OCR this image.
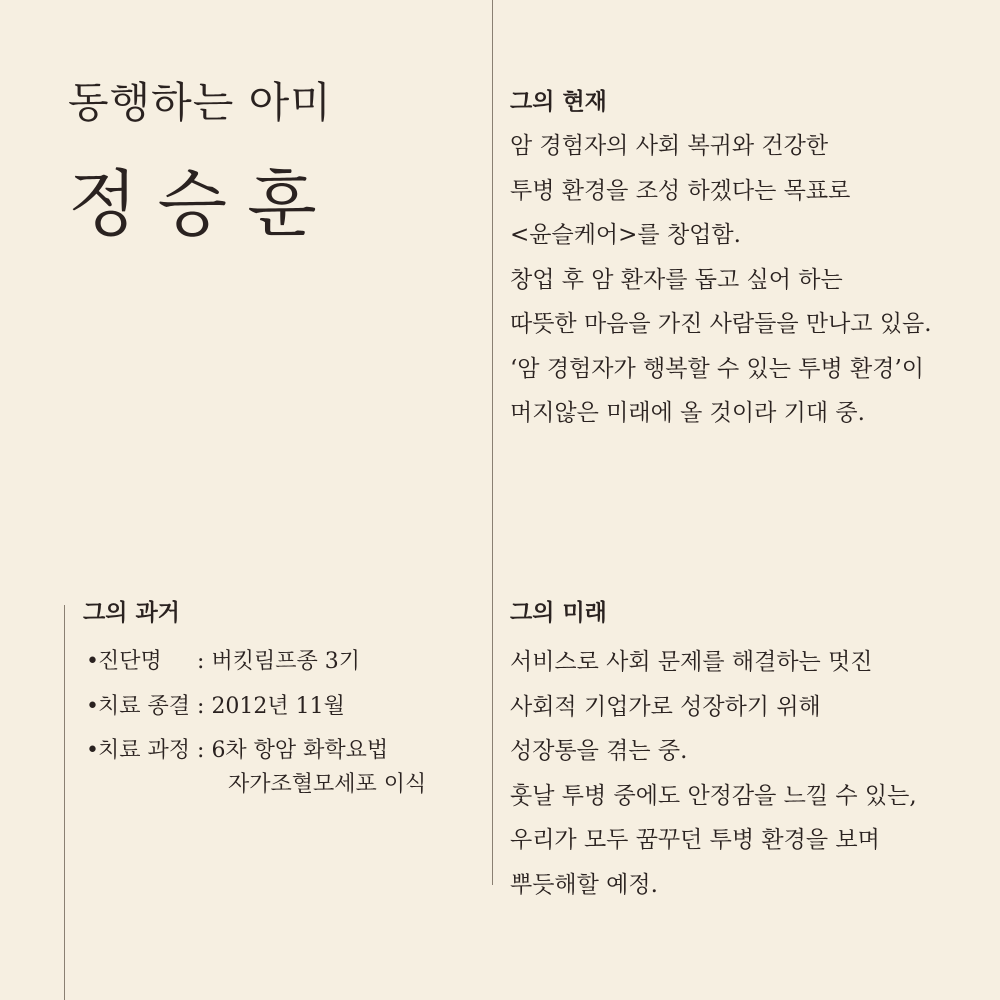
동행하는 아미
정승훈
그의 현재
암 경험자의 사회 복귀와 건강한
투병 환경을 조성 하겠다는 목표로
<윤슬케어>를 창업함.
창업 후 암 환자를 돕고 싶어 하는
따뜻한 마음을 가진 사람들을 만나고 있음.
‘암 경험자가 행복할 수 있는 투병 환경’이
머지않은 미래에 올 것이라 기대 중.
그의 과거
•진단명 : 버킷림프종 3기
•치료 종결 : 2012년 11월
•치료 과정 : 6차 항암 화학요법
자가조혈모세포 이식
그의 미래
서비스로 사회 문제를 해결하는 멋진
사회적 기업가로 성장하기 위해
성장통을 겪는 중.
훗날 투병 중에도 안정감을 느낄 수 있는,
우리가 모두 꿈꾸던 투병 환경을 보며
뿌듯해할 예정.
